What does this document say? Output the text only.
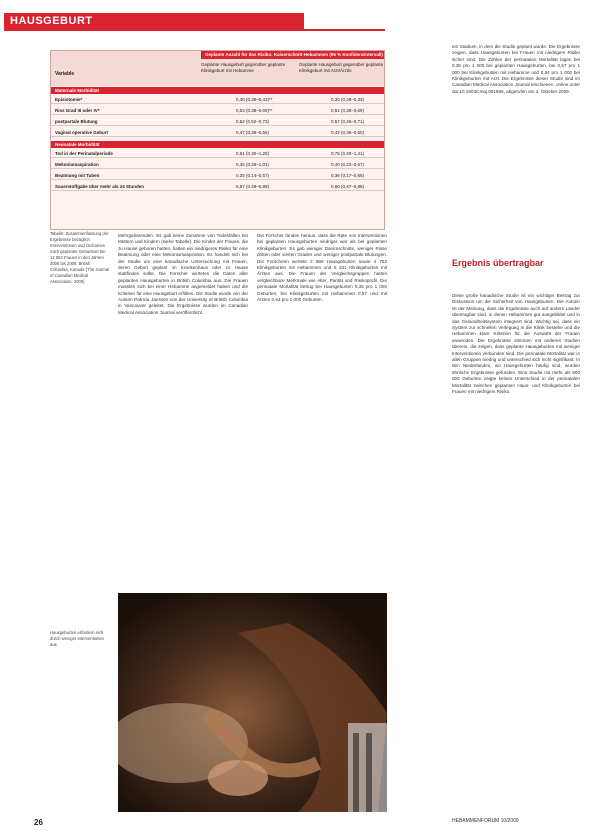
HAUSGEBURT
Geplante Anzahl für das Risiko: Kaiserschnitt-Hebammen (95 % Konfidenzintervall)
Variable
Geplante Hausgeburt gegenüber geplante Klinikgeburt mit Hebamme
Geplante Hausgeburt gegenüber geplante Klinikgeburt mit Arzt/Ärztin
Maternale Morbidität
Episiotomie*	0,40 (0,38–0,43)**	0,30 (0,28–0,33)
Riss Grad III oder IV*	0,53 (0,38–0,69)**	0,51 (0,38–0,69)
postpartale Blutung	0,62 (0,52–0,73)	0,57 (0,45–0,71)
Vaginal operative Geburt	0,47 (0,39–0,56)	0,42 (0,36–0,50)
Neonatale Morbidität
Tod in der Perinatalperiode	0,61 (0,30–1,25)	0,75 (0,40–1,41)
Mekoniumaspiration	0,45 (0,28–1,01)	0,40 (0,23–0,67)
Beatmung mit Tuben	0,25 (0,14–0,57)	0,36 (0,17–0,65)
Sauerstoffgabe über mehr als 24 Stunden	0,67 (0,49–0,89)	0,80 (0,47–0,85)
Tabelle: Zusammenfassung der Ergebnisse bezüglich Interventionen und Outcomes nach geplanter Geburtsort bei 12 882 Frauen in den Jahren 2006 bis 2009, British Columbia, Kanada (The Journal of Canadian Medical Association, 2009)
Mehrgebärenden. Es gab keine Zunahme von Todesfällen bei Müttern und Kindern (siehe Tabelle). Die Kinder der Frauen, die zu Hause geboren hatten, hatten ein niedrigeres Risiko für eine Beatmung oder eine Mekoniumaspiration. Es handelt sich bei der Studie um eine kanadische Untersuchung mit Frauen, deren Geburt geplant im Krankenhaus oder zu Hause stattfinden sollte. Die Forscher werteten die Daten aller geplanten Hausgeburten in British Columbia aus. Die Frauen mussten sich bei einer Hebamme angemeldet haben und die Kriterien für eine Hausgeburt erfüllen. Die Studie wurde von der Autorin Patricia Janssen von der University of British Columbia in Vancouver geleitet. Die Ergebnisse wurden im Canadian Medical Association Journal veröffentlicht.
Die Forscher fanden heraus, dass die Rate von Interventionen bei geplanten Hausgeburten niedriger war als bei geplanten Klinikgeburten. Es gab weniger Dammschnitte, weniger Risse dritten oder vierten Grades und weniger postpartale Blutungen. Die Forscherin wertete 2 889 Hausgeburten sowie 4 752 Klinikgeburten mit Hebammen und 5 331 Klinikgeburten mit Ärzten aus. Die Frauen der Vergleichsgruppen hatten vergleichbare Merkmale wie Alter, Parität und Risikoprofil. Die perinatale Mortalität betrug bei Hausgeburten 0,35 pro 1 000 Geburten, bei Klinikgeburten mit Hebammen 0,57 und mit Ärzten 0,64 pro 1 000 Geburten.
ein Stadium, in dem die Studie geplant wurde. Die Ergebnisse zeigen, dass Hausgeburten bei Frauen mit niedrigem Risiko sicher sind. Die Zahlen der perinatalen Mortalität lagen bei 0,35 pro 1 000 bei geplanten Hausgeburten, bei 0,57 pro 1 000 bei Klinikgeburten mit Hebamme und 0,64 pro 1 000 bei Klinikgeburten mit Arzt. Die Ergebnisse dieser Studie sind im Canadian Medical Association Journal erschienen, online unter doi:10.1503/cmaj.081869, abgerufen am 4. Oktober 2009.
Ergebnis übertragbar
Diese große kanadische Studie ist ein wichtiger Beitrag zur Diskussion um die Sicherheit von Hausgeburten. Die Autorin ist der Meinung, dass die Ergebnisse auch auf andere Länder übertragbar sind, in denen Hebammen gut ausgebildet und in das Gesundheitssystem integriert sind. Wichtig sei, dass ein System zur schnellen Verlegung in die Klinik bestehe und die Hebammen klare Kriterien für die Auswahl der Frauen anwenden. Die Ergebnisse stimmen mit anderen Studien überein, die zeigen, dass geplante Hausgeburten mit weniger Interventionen verbunden sind. Die perinatale Mortalität war in allen Gruppen niedrig und unterschied sich nicht signifikant. In den Niederlanden, wo Hausgeburten häufig sind, wurden ähnliche Ergebnisse gefunden. Eine Studie mit mehr als 500 000 Geburten zeigte keinen Unterschied in der perinatalen Mortalität zwischen geplanten Haus- und Klinikgeburten bei Frauen mit niedrigem Risiko.
Hausgeburten erfordern sich durch weniger Interventionen aus
26	HEBAMMENFORUM 10/2009
